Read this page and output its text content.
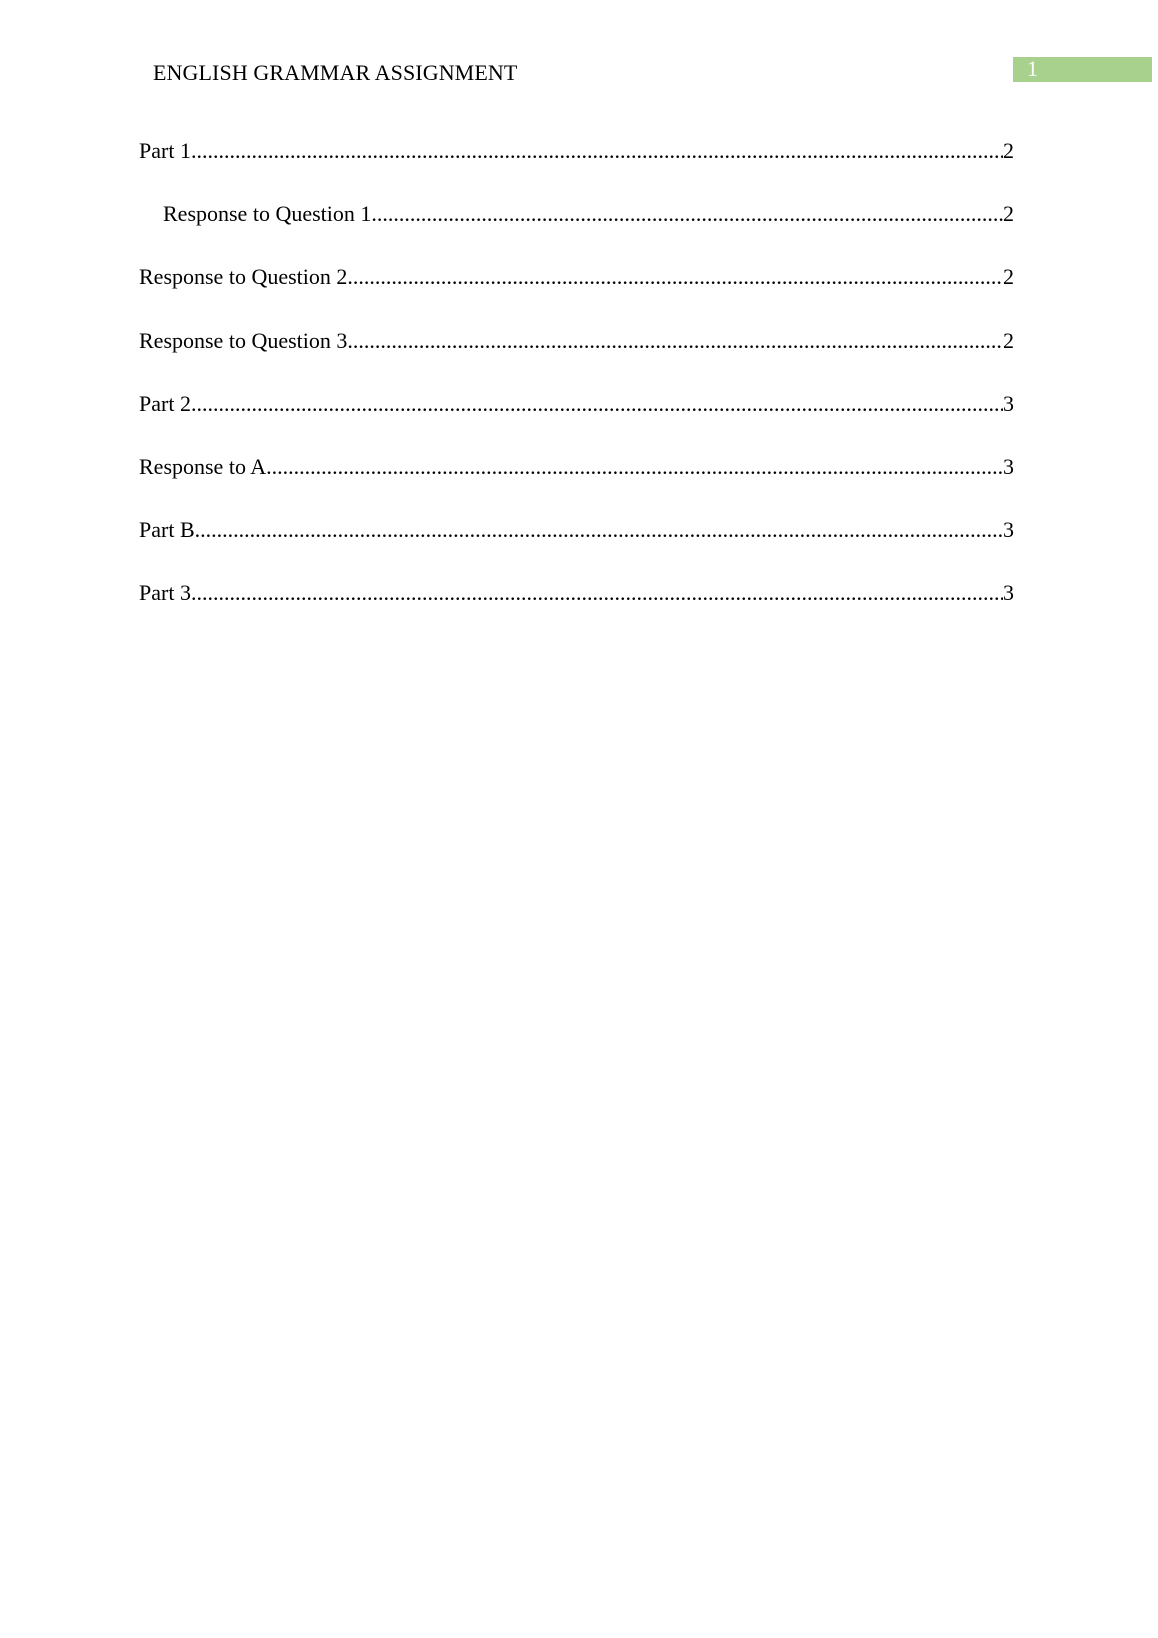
ENGLISH GRAMMAR ASSIGNMENT	1
Part 1 .....	2
Response to Question 1 .....	2
Response to Question 2 .....	2
Response to Question 3 .....	2
Part 2 .....	3
Response to A .....	3
Part B .....	3
Part 3 .....	3
